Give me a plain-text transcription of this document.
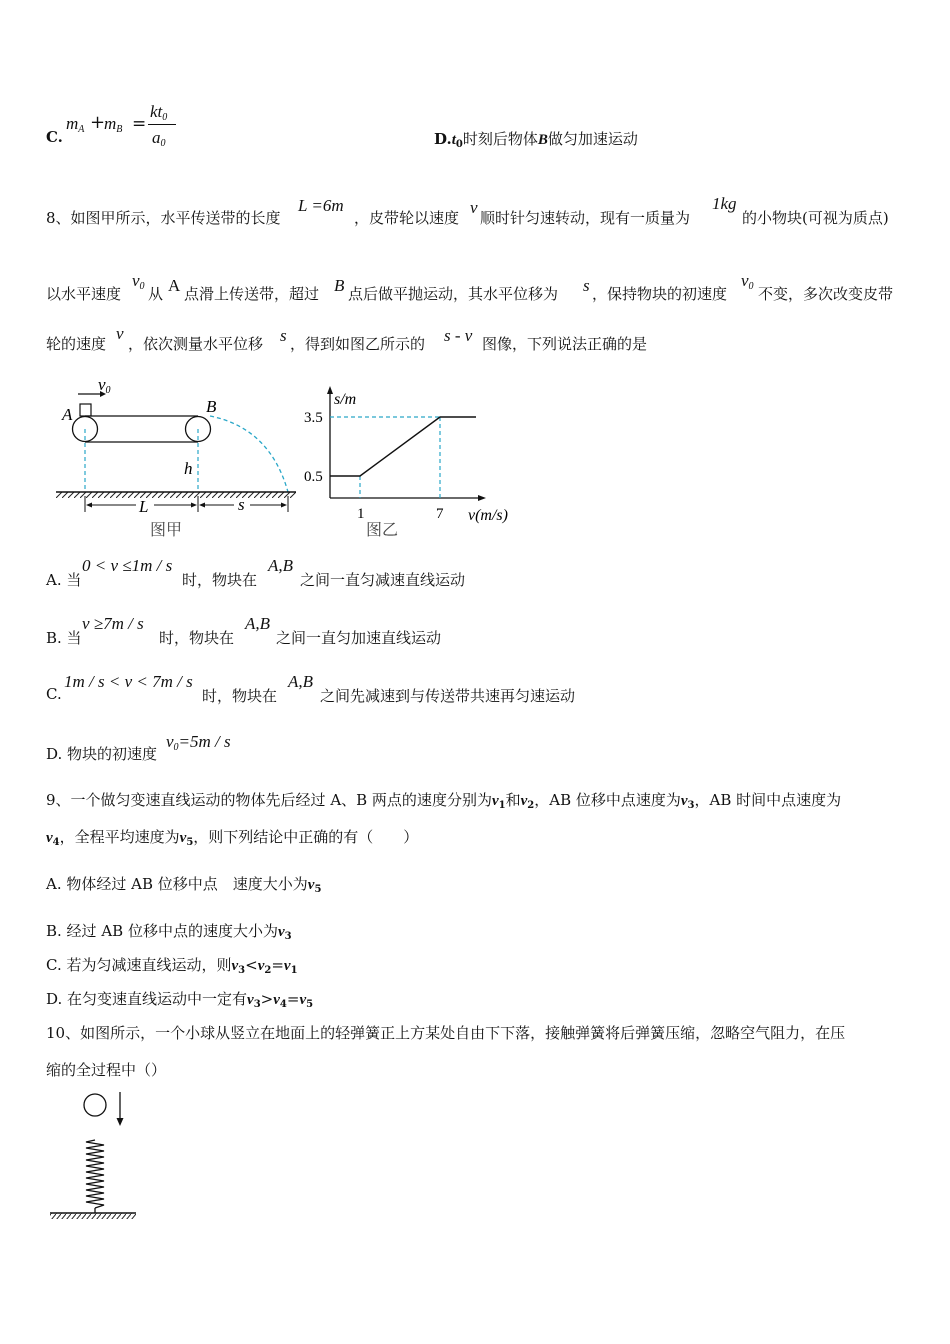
C.
$m_A$ +
$m_B$ =
$kt_0$
$a_0$	$D.t_0$时刻后物体B做匀加速运动
8、如图甲所示，水平传送带的长度
L =6m
，皮带轮以速度
v
顺时针匀速转动，现有一质量为
1kg
的小物块(可视为质点)
以水平速度
$v_0$ 从 A 点滑上传送带，超过 B 点后做平抛运动，其水平位移为 s ，保持物块的初速度
$v_0$ 不变，多次改变皮带
轮的速度
v
，依次测量水平位移 s ，得到如图乙所示的 s - v 图像，下列说法正确的是
v0
A	B
h
L	s
图甲
s/m
v(m/s)
3.5
0.5
1	7
图乙
A. 当
0 < v ≤1m / s
时，物块在
A,B
之间一直匀减速直线运动
B. 当
v ≥7m / s
时，物块在
A,B
之间一直匀加速直线运动
C.
1m / s < v < 7m / s
时，物块在
A,B
之间先减速到与传送带共速再匀速运动
D. 物块的初速度
$v_0=5m / s$
9、一个做匀变速直线运动的物体先后经过 A、B 两点的速度分别为$v_1$和$v_2$，AB 位移中点速度为$v_3$，AB 时间中点速度为
$v_4$，全程平均速度为$v_5$，则下列结论中正确的有（　　）
A. 物体经过 AB 位移中点　速度大小为$v_5$
B. 经过 AB 位移中点的速度大小为$v_3$
C. 若为匀减速直线运动，则$v_3<v_2=v_1$
D. 在匀变速直线运动中一定有$v_3>v_4=v_5$
10、如图所示，一个小球从竖立在地面上的轻弹簧正上方某处自由下下落，接触弹簧将后弹簧压缩，忽略空气阻力，在压
缩的全过程中（）
